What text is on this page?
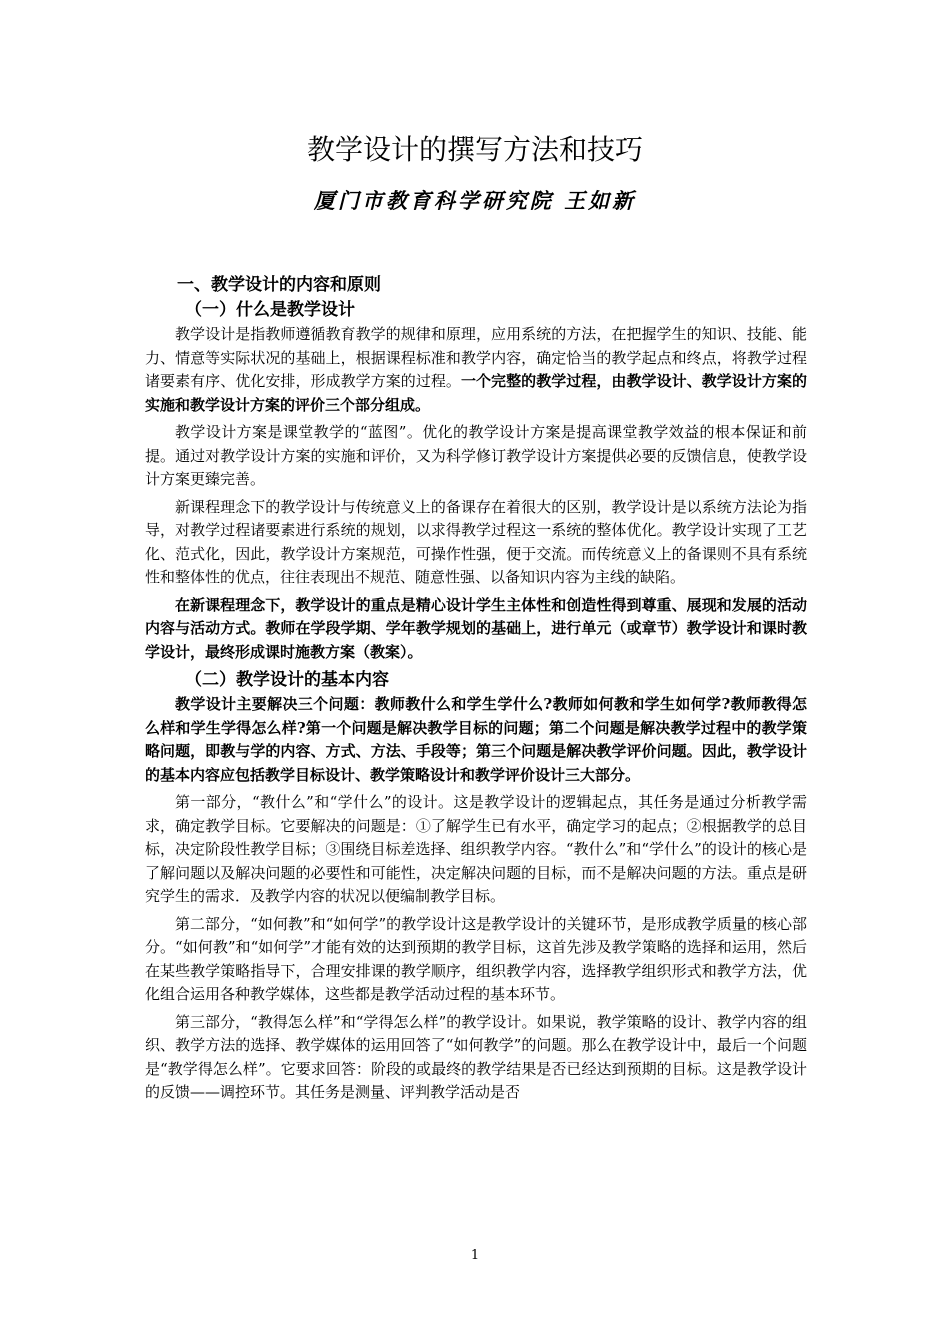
教学设计的撰写方法和技巧
厦门市教育科学研究院 王如新
一、教学设计的内容和原则
（一）什么是教学设计

教学设计是指教师遵循教育教学的规律和原理，应用系统的方法，在把握学生的知识、技能、能力、情意等实际状况的基础上，根据课程标准和教学内容，确定恰当的教学起点和终点，将教学过程诸要素有序、优化安排，形成教学方案的过程。一个完整的教学过程，由教学设计、教学设计方案的实施和教学设计方案的评价三个部分组成。

教学设计方案是课堂教学的“蓝图”。优化的教学设计方案是提高课堂教学效益的根本保证和前提。通过对教学设计方案的实施和评价，又为科学修订教学设计方案提供必要的反馈信息，使教学设计方案更臻完善。

新课程理念下的教学设计与传统意义上的备课存在着很大的区别，教学设计是以系统方法论为指导，对教学过程诸要素进行系统的规划，以求得教学过程这一系统的整体优化。教学设计实现了工艺化、范式化，因此，教学设计方案规范，可操作性强，便于交流。而传统意义上的备课则不具有系统性和整体性的优点，往往表现出不规范、随意性强、以备知识内容为主线的缺陷。

在新课程理念下，教学设计的重点是精心设计学生主体性和创造性得到尊重、展现和发展的活动内容与活动方式。教师在学段学期、学年教学规划的基础上，进行单元（或章节）教学设计和课时教学设计，最终形成课时施教方案（教案）。

（二）教学设计的基本内容

教学设计主要解决三个问题：教师教什么和学生学什么?教师如何教和学生如何学?教师教得怎么样和学生学得怎么样?第一个问题是解决教学目标的问题；第二个问题是解决教学过程中的教学策略问题，即教与学的内容、方式、方法、手段等；第三个问题是解决教学评价问题。因此，教学设计的基本内容应包括教学目标设计、教学策略设计和教学评价设计三大部分。

第一部分，“教什么”和“学什么”的设计。这是教学设计的逻辑起点，其任务是通过分析教学需求，确定教学目标。它要解决的问题是：①了解学生已有水平，确定学习的起点；②根据教学的总目标，决定阶段性教学目标；③围绕目标差选择、组织教学内容。“教什么”和“学什么”的设计的核心是了解问题以及解决问题的必要性和可能性，决定解决问题的目标，而不是解决问题的方法。重点是研究学生的需求．及教学内容的状况以便编制教学目标。

第二部分，“如何教”和“如何学”的教学设计这是教学设计的关键环节，是形成教学质量的核心部分。“如何教”和“如何学”才能有效的达到预期的教学目标，这首先涉及教学策略的选择和运用，然后在某些教学策略指导下，合理安排课的教学顺序，组织教学内容，选择教学组织形式和教学方法，优化组合运用各种教学媒体，这些都是教学活动过程的基本环节。

第三部分，“教得怎么样”和“学得怎么样”的教学设计。如果说，教学策略的设计、教学内容的组织、教学方法的选择、教学媒体的运用回答了“如何教学”的问题。那么在教学设计中，最后一个问题是“教学得怎么样”。它要求回答：阶段的或最终的教学结果是否已经达到预期的目标。这是教学设计的反馈——调控环节。其任务是测量、评判教学活动是否

1
